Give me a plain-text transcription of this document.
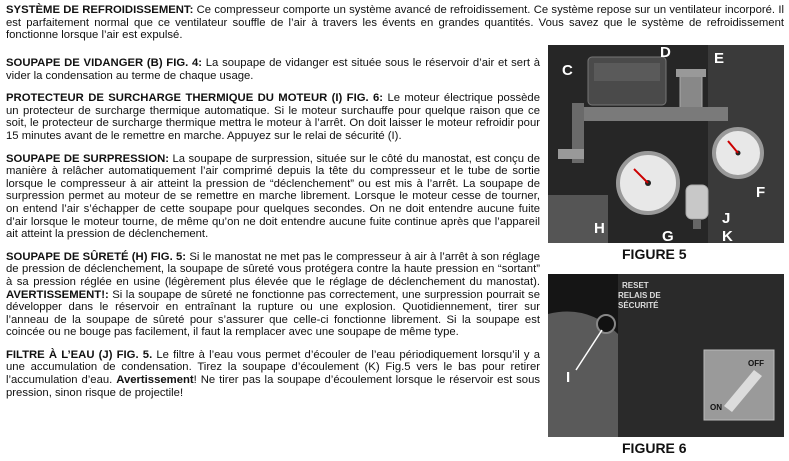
SYSTÈME DE REFROIDISSEMENT: Ce compresseur comporte un système avancé de refroidissement. Ce système repose sur un ventilateur incorporé. Il est parfaitement normal que ce ventilateur souffle de l’air à travers les évents en grandes quantités. Vous savez que le système de refroidissement fonctionne lorsque l’air est expulsé.

SOUPAPE DE VIDANGER (B) FIG. 4: La soupape de vidanger est située sous le réservoir d’air et sert à vider la condensation au terme de chaque usage.

PROTECTEUR DE SURCHARGE THERMIQUE DU MOTEUR (I) FIG. 6: Le moteur électrique possède un protecteur de surcharge thermique automatique. Si le moteur surchauffe pour quelque raison que ce soit, le protecteur de surcharge thermique mettra le moteur à l’arrêt. On doit laisser le moteur refroidir pour 15 minutes avant de le remettre en marche. Appuyez sur le relai de sécurité (I).

SOUPAPE DE SURPRESSION: La soupape de surpression, située sur le côté du manostat, est conçu de manière à relâcher automatiquement l’air comprimé depuis la tête du compresseur et le tube de sortie lorsque le compresseur à air atteint la pression de “déclenchement” ou est mis à l’arrêt. La soupape de surpression permet au moteur de se remettre en marche librement. Lorsque le moteur cesse de tourner, on entend l’air s’échapper de cette soupape pour quelques secondes. On ne doit entendre aucune fuite d’air lorsque le moteur tourne, de même qu’on ne doit entendre aucune fuite continue après que l’appareil ait atteint la pression de déclenchement.

SOUPAPE DE SÛRETÉ (H) FIG. 5: Si le manostat ne met pas le compresseur à air à l’arrêt à son réglage de pression de déclenchement, la soupape de sûreté vous protégera contre la haute pression en “sortant” à sa pression réglée en usine (légèrement plus élevée que le réglage de déclenchement du manostat). AVERTISSEMENT!: Si la soupape de sûreté ne fonctionne pas correctement, une surpression pourrait se développer dans le réservoir en entraînant la rupture ou une explosion. Quotidiennement, tirer sur l’anneau de la soupape de sûreté pour s’assurer que celle-ci fonctionne librement. Si la soupape est coincée ou ne bouge pas facilement, il faut la remplacer avec une soupape de même type.

FILTRE À L’EAU (J) FIG. 5. Le filtre à l’eau vous permet d’écouler de l’eau périodiquement lorsqu’il y a une accumulation de condensation. Tirez la soupape d’écoulement (K) Fig.5 vers le bas pour retirer l’accumulation d’eau. Avertissement! Ne tirer pas la soupape d’écoulement lorsque le réservoir est sous pression, sinon risque de projectile!

C
D	E
F
G
H
J
K
FIGURE 5
RESET
RELAIS DE
SÉCURITÉ
OFF
ON
I
FIGURE 6
